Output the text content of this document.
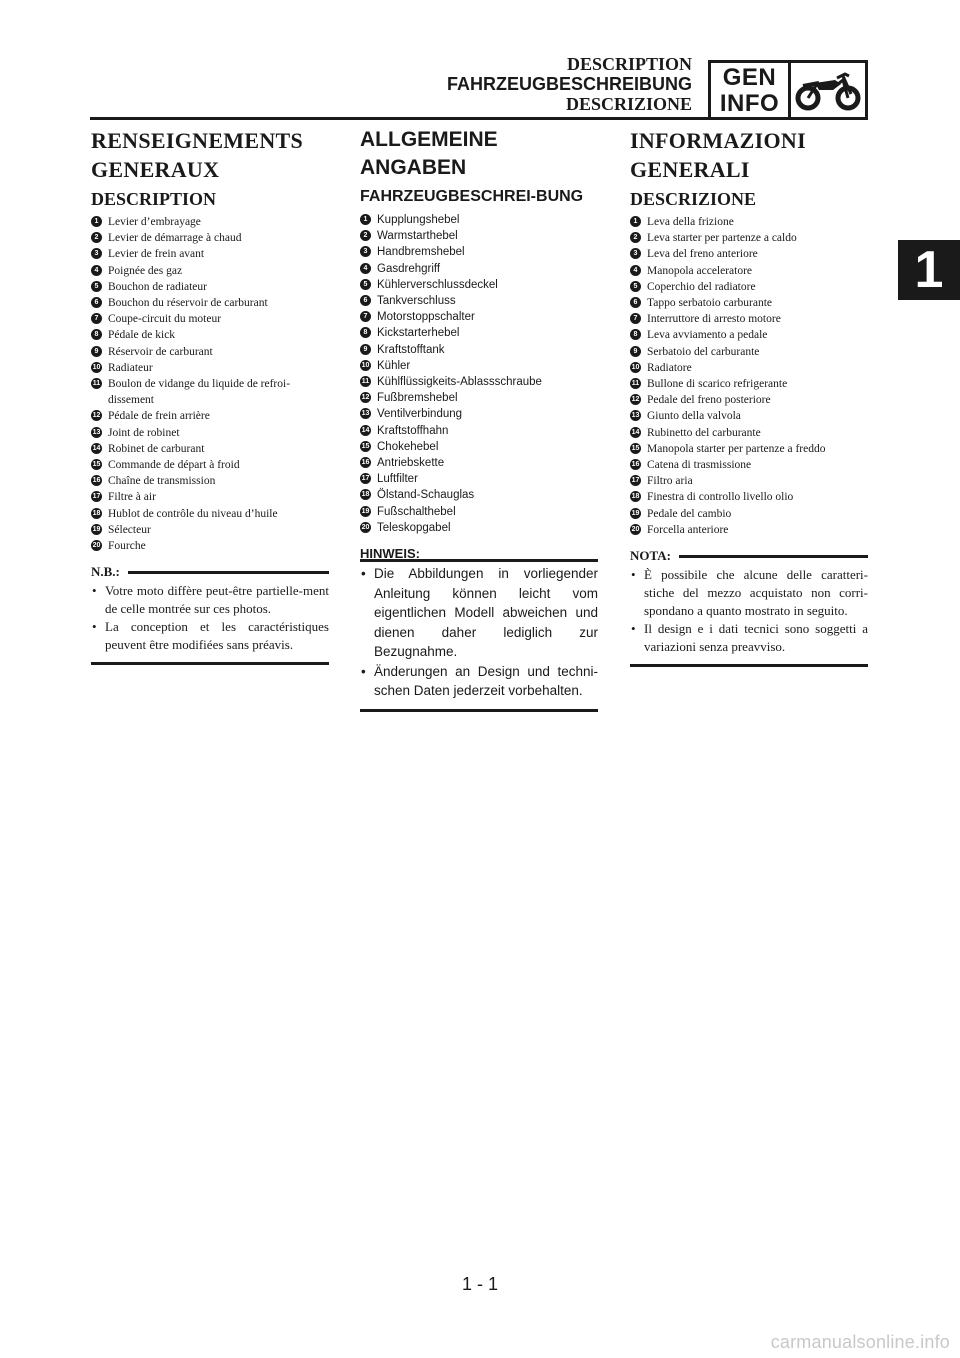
DESCRIPTION
FAHRZEUGBESCHREIBUNG
DESCRIZIONE
GEN
INFO
1
RENSEIGNEMENTS GENERAUX
DESCRIPTION
1 Levier d’embrayage
2 Levier de démarrage à chaud
3 Levier de frein avant
4 Poignée des gaz
5 Bouchon de radiateur
6 Bouchon du réservoir de carburant
7 Coupe-circuit du moteur
8 Pédale de kick
9 Réservoir de carburant
10 Radiateur
11 Boulon de vidange du liquide de refroi-dissement
12 Pédale de frein arrière
13 Joint de robinet
14 Robinet de carburant
15 Commande de départ à froid
16 Chaîne de transmission
17 Filtre à air
18 Hublot de contrôle du niveau d’huile
19 Sélecteur
20 Fourche
N.B.:
• Votre moto diffère peut-être partielle-ment de celle montrée sur ces photos.
• La conception et les caractéristiques peuvent être modifiées sans préavis.
ALLGEMEINE ANGABEN
FAHRZEUGBESCHREI-BUNG
1 Kupplungshebel
2 Warmstarthebel
3 Handbremshebel
4 Gasdrehgriff
5 Kühlerverschlussdeckel
6 Tankverschluss
7 Motorstoppschalter
8 Kickstarterhebel
9 Kraftstofftank
10 Kühler
11 Kühlflüssigkeits-Ablassschraube
12 Fußbremshebel
13 Ventilverbindung
14 Kraftstoffhahn
15 Chokehebel
16 Antriebskette
17 Luftfilter
18 Ölstand-Schauglas
19 Fußschalthebel
20 Teleskopgabel
HINWEIS:
• Die Abbildungen in vorliegender Anleitung können leicht vom eigentlichen Modell abweichen und dienen daher lediglich zur Bezugnahme.
• Änderungen an Design und techni-schen Daten jederzeit vorbehalten.
INFORMAZIONI GENERALI
DESCRIZIONE
1 Leva della frizione
2 Leva starter per partenze a caldo
3 Leva del freno anteriore
4 Manopola acceleratore
5 Coperchio del radiatore
6 Tappo serbatoio carburante
7 Interruttore di arresto motore
8 Leva avviamento a pedale
9 Serbatoio del carburante
10 Radiatore
11 Bullone di scarico refrigerante
12 Pedale del freno posteriore
13 Giunto della valvola
14 Rubinetto del carburante
15 Manopola starter per partenze a freddo
16 Catena di trasmissione
17 Filtro aria
18 Finestra di controllo livello olio
19 Pedale del cambio
20 Forcella anteriore
NOTA:
• È possibile che alcune delle caratteri-stiche del mezzo acquistato non corri-spondano a quanto mostrato in seguito.
• Il design e i dati tecnici sono soggetti a variazioni senza preavviso.
1 - 1
carmanualsonline.info
